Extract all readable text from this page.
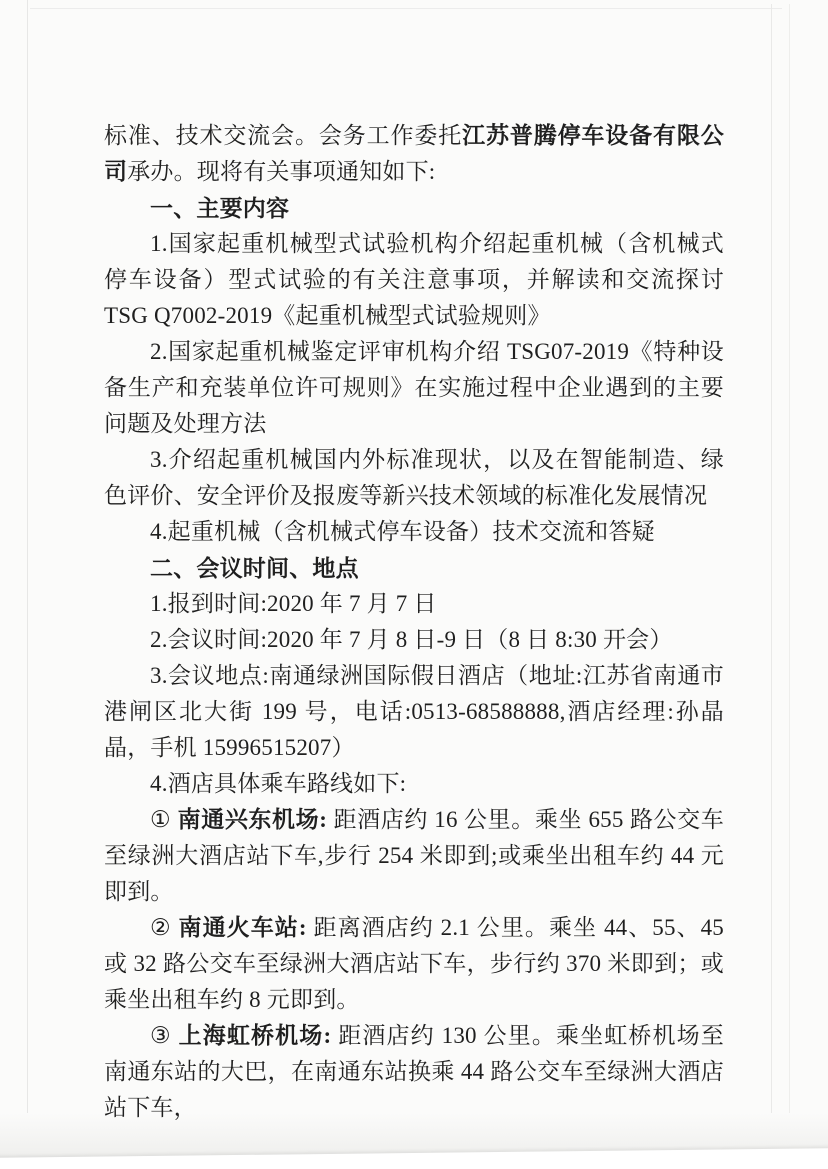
标准、技术交流会。会务工作委托江苏普腾停车设备有限公司承办。现将有关事项通知如下:

一、主要内容

1.国家起重机械型式试验机构介绍起重机械（含机械式停车设备）型式试验的有关注意事项，并解读和交流探讨 TSG Q7002-2019《起重机械型式试验规则》

2.国家起重机械鉴定评审机构介绍 TSG07-2019《特种设备生产和充装单位许可规则》在实施过程中企业遇到的主要问题及处理方法

3.介绍起重机械国内外标准现状，以及在智能制造、绿色评价、安全评价及报废等新兴技术领域的标准化发展情况

4.起重机械（含机械式停车设备）技术交流和答疑

二、会议时间、地点

1.报到时间:2020 年 7 月 7 日

2.会议时间:2020 年 7 月 8 日-9 日（8 日 8:30 开会）

3.会议地点:南通绿洲国际假日酒店（地址:江苏省南通市港闸区北大街 199 号，电话:0513-68588888,酒店经理:孙晶晶，手机 15996515207）

4.酒店具体乘车路线如下:

① 南通兴东机场: 距酒店约 16 公里。乘坐 655 路公交车至绿洲大酒店站下车,步行 254 米即到;或乘坐出租车约 44 元即到。

② 南通火车站: 距离酒店约 2.1 公里。乘坐 44、55、45 或 32 路公交车至绿洲大酒店站下车，步行约 370 米即到；或乘坐出租车约 8 元即到。

③ 上海虹桥机场: 距酒店约 130 公里。乘坐虹桥机场至南通东站的大巴，在南通东站换乘 44 路公交车至绿洲大酒店站下车，
